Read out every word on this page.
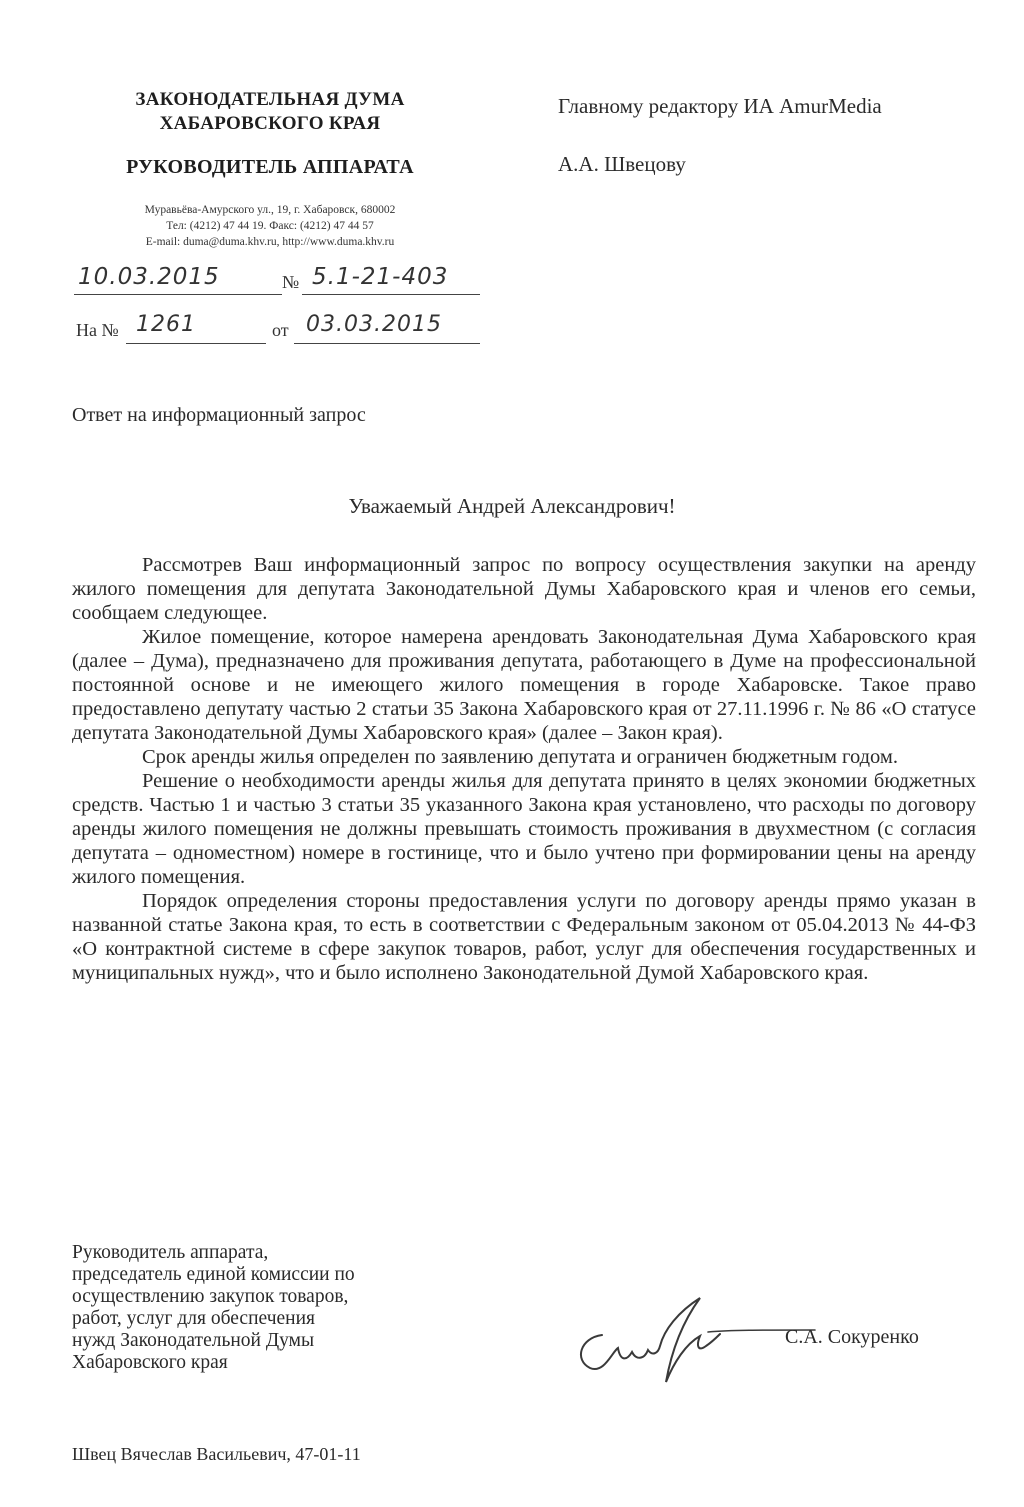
ЗАКОНОДАТЕЛЬНАЯ ДУМА
ХАБАРОВСКОГО КРАЯ
РУКОВОДИТЕЛЬ АППАРАТА
Муравьёва-Амурского ул., 19, г. Хабаровск, 680002
Тел: (4212) 47 44 19. Факс: (4212) 47 44 57
E-mail: duma@duma.khv.ru, http://www.duma.khv.ru
10.03.2015	№ 5.1-21-403
На № 1261	от 03.03.2015
Главному редактору ИА AmurMedia
А.А. Швецову
Ответ на информационный запрос
Уважаемый Андрей Александрович!

Рассмотрев Ваш информационный запрос по вопросу осуществления закупки на аренду жилого помещения для депутата Законодательной Думы Хабаровского края и членов его семьи, сообщаем следующее.

Жилое помещение, которое намерена арендовать Законодательная Дума Хабаровского края (далее – Дума), предназначено для проживания депутата, работающего в Думе на профессиональной постоянной основе и не имеющего жилого помещения в городе Хабаровске. Такое право предоставлено депутату частью 2 статьи 35 Закона Хабаровского края от 27.11.1996 г. № 86 «О статусе депутата Законодательной Думы Хабаровского края» (далее – Закон края).

Срок аренды жилья определен по заявлению депутата и ограничен бюджетным годом.

Решение о необходимости аренды жилья для депутата принято в целях экономии бюджетных средств. Частью 1 и частью 3 статьи 35 указанного Закона края установлено, что расходы по договору аренды жилого помещения не должны превышать стоимость проживания в двухместном (с согласия депутата – одноместном) номере в гостинице, что и было учтено при формировании цены на аренду жилого помещения.

Порядок определения стороны предоставления услуги по договору аренды прямо указан в названной статье Закона края, то есть в соответствии с Федеральным законом от 05.04.2013 № 44-ФЗ «О контрактной системе в сфере закупок товаров, работ, услуг для обеспечения государственных и муниципальных нужд», что и было исполнено Законодательной Думой Хабаровского края.

Руководитель аппарата,
председатель единой комиссии по
осуществлению закупок товаров,
работ, услуг для обеспечения
нужд Законодательной Думы
Хабаровского края
С.А. Сокуренко
Швец Вячеслав Васильевич, 47-01-11
